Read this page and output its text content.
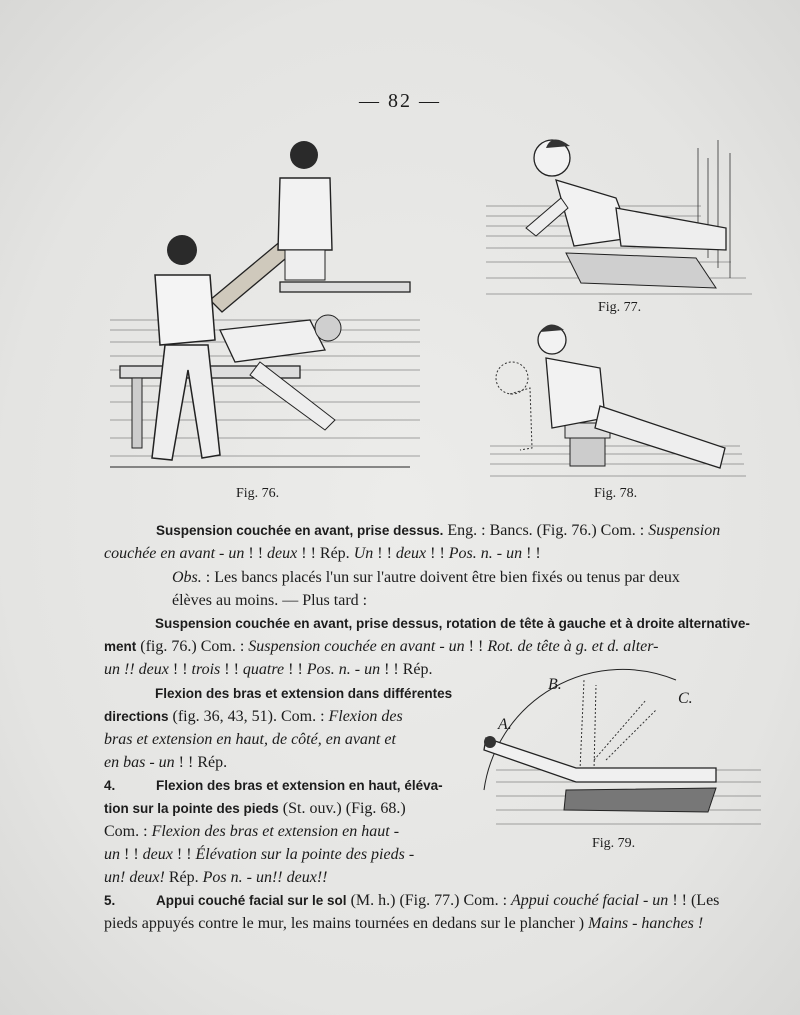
— 82 —
Fig. 76.
Fig. 77.
Fig. 78.
Suspension couchée en avant, prise dessus. Eng. : Bancs. (Fig. 76.) Com. : Suspension
couchée en avant - un ! ! deux ! ! Rép. Un ! ! deux ! ! Pos. n. - un ! !
Obs. : Les bancs placés l'un sur l'autre doivent être bien fixés ou tenus par deux
élèves au moins. — Plus tard :
Suspension couchée en avant, prise dessus, rotation de tête à gauche et à droite alternative-
ment (fig. 76.) Com. : Suspension couchée en avant - un ! ! Rot. de tête à g. et d. alter-
un !! deux ! ! trois ! ! quatre ! ! Pos. n. - un ! ! Rép.
A.
B.
C.
Fig. 79.
Flexion des bras et extension dans différentes
directions (fig. 36, 43, 51). Com. : Flexion des
bras et extension en haut, de côté, en avant et
en bas - un ! ! Rép.
4.	Flexion des bras et extension en haut, éléva-
tion sur la pointe des pieds (St. ouv.) (Fig. 68.)
Com. : Flexion des bras et extension en haut -
un ! ! deux ! ! Élévation sur la pointe des pieds -
un! deux! Rép. Pos n. - un!! deux!!
5.	Appui couché facial sur le sol (M. h.) (Fig. 77.) Com. : Appui couché facial - un ! ! (Les
pieds appuyés contre le mur, les mains tournées en dedans sur le plancher ) Mains - hanches !
